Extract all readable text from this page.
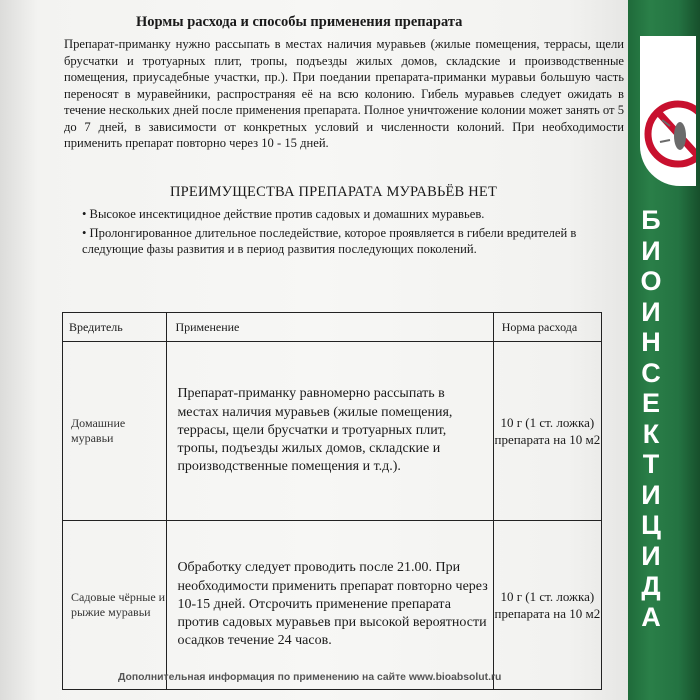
Нормы расхода и способы применения препарата

Препарат-приманку нужно рассыпать в местах наличия муравьев (жилые помещения, террасы, щели брусчатки и тротуарных плит, тропы, подъезды жилых домов, складские и производственные помещения, приусадебные участки, пр.). При поедании препарата-приманки муравьи большую часть переносят в муравейники, распространяя её на всю колонию. Гибель муравьев следует ожидать в течение нескольких дней после применения препарата. Полное уничтожение колонии может занять от 5 до 7 дней, в зависимости от конкретных условий и численности колоний. При необходимости применить препарат повторно через 10 - 15 дней.

ПРЕИМУЩЕСТВА ПРЕПАРАТА МУРАВЬЁВ НЕТ
• Высокое инсектицидное действие против садовых и домашних муравьев.
• Пролонгированное длительное последействие, которое проявляется в гибели вредителей в следующие фазы развития и в период развития последующих поколений.
Вредитель	Применение	Норма расхода
Домашние муравьи	Препарат-приманку равномерно рассыпать в местах наличия муравьев (жилые помещения, террасы, щели брусчатки и тротуарных плит, тропы, подъезды жилых домов, складские и производственные помещения и т.д.).	10 г (1 ст. ложка) препарата на 10 м2
Садовые чёрные и рыжие муравьи	Обработку следует проводить после 21.00. При необходимости применить препарат повторно через 10-15 дней. Отсрочить применение препарата против садовых муравьев при высокой вероятности осадков течение 24 часов.	10 г (1 ст. ложка) препарата на 10 м2
Дополнительная информация по применению на сайте www.bioabsolut.ru
Б
И
О
И
Н
С
Е
К
Т
И
Ц
И
Д
А
